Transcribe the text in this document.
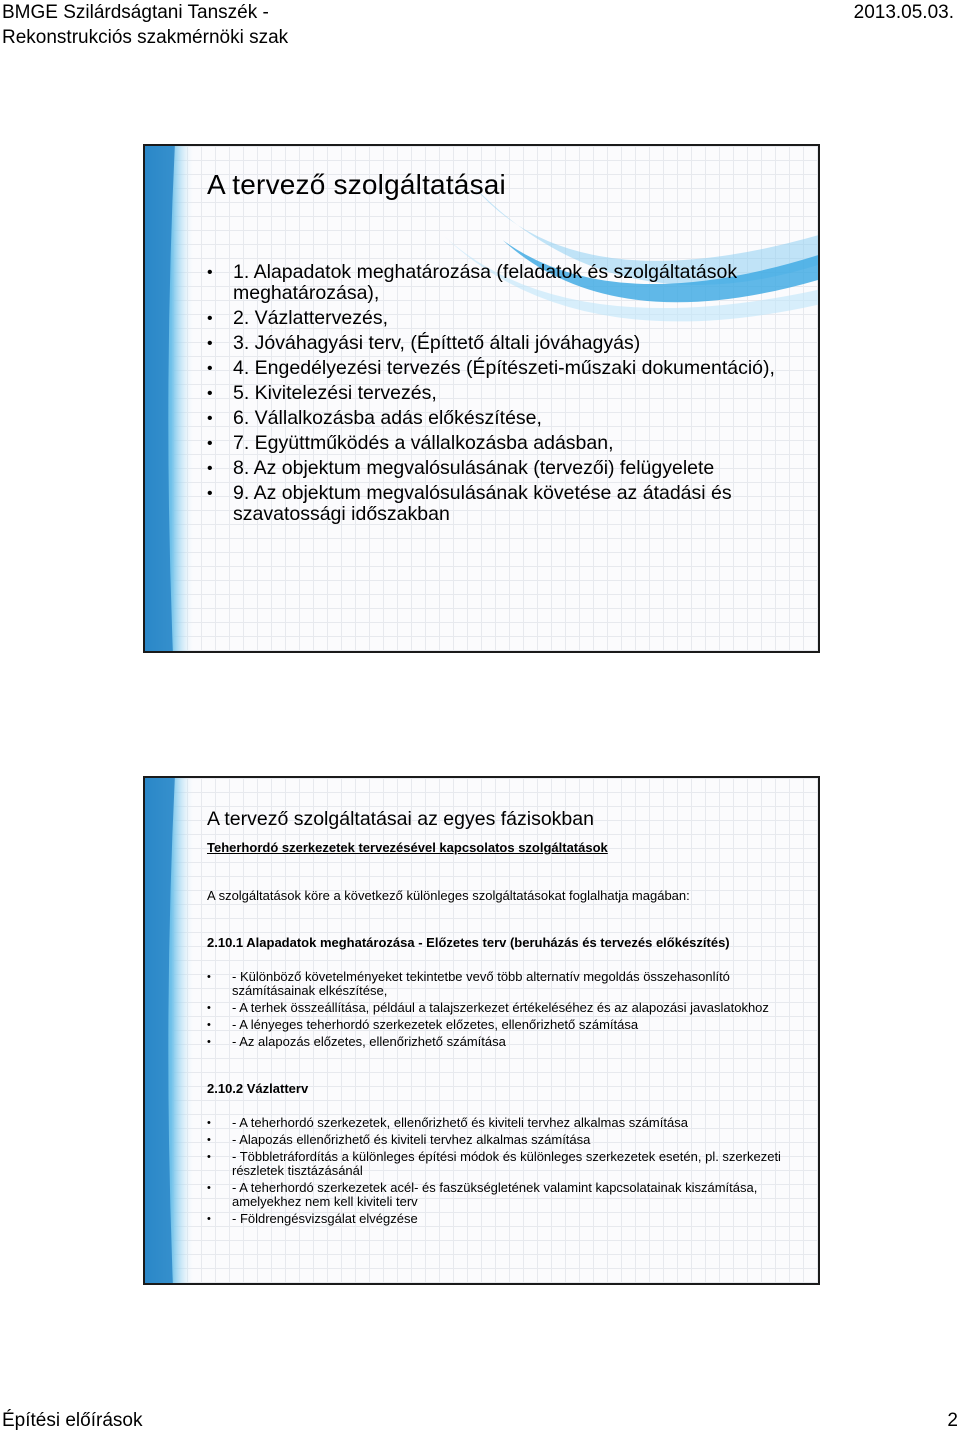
BMGE Szilárdságtani Tanszék -
Rekonstrukciós szakmérnöki szak
2013.05.03.
A tervező szolgáltatásai
• 1. Alapadatok meghatározása (feladatok és szolgáltatások meghatározása),
• 2. Vázlattervezés,
• 3. Jóváhagyási terv, (Építtető általi jóváhagyás)
• 4. Engedélyezési tervezés (Építészeti-műszaki dokumentáció),
• 5. Kivitelezési tervezés,
• 6. Vállalkozásba adás előkészítése,
• 7. Együttműködés a vállalkozásba adásban,
• 8. Az objektum megvalósulásának (tervezői) felügyelete
• 9. Az objektum megvalósulásának követése az átadási és szavatossági időszakban
A tervező szolgáltatásai az egyes fázisokban
Teherhordó szerkezetek tervezésével kapcsolatos szolgáltatások
A szolgáltatások köre a következő különleges szolgáltatásokat foglalhatja magában:
2.10.1 Alapadatok meghatározása - Előzetes terv (beruházás és tervezés előkészítés)
• - Különböző követelményeket tekintetbe vevő több alternatív megoldás összehasonlító számításainak elkészítése,
• - A terhek összeállítása, például a talajszerkezet értékeléséhez és az alapozási javaslatokhoz
• - A lényeges teherhordó szerkezetek előzetes, ellenőrizhető számítása
• - Az alapozás előzetes, ellenőrizhető számítása
2.10.2 Vázlatterv
• - A teherhordó szerkezetek, ellenőrizhető és kiviteli tervhez alkalmas számítása
• - Alapozás ellenőrizhető és kiviteli tervhez alkalmas számítása
• - Többletráfordítás a különleges építési módok és különleges szerkezetek esetén, pl. szerkezeti részletek tisztázásánál
• - A teherhordó szerkezetek acél- és faszükségletének valamint kapcsolatainak kiszámítása, amelyekhez nem kell kiviteli terv
• - Földrengésvizsgálat elvégzése
Építési előírások	2
